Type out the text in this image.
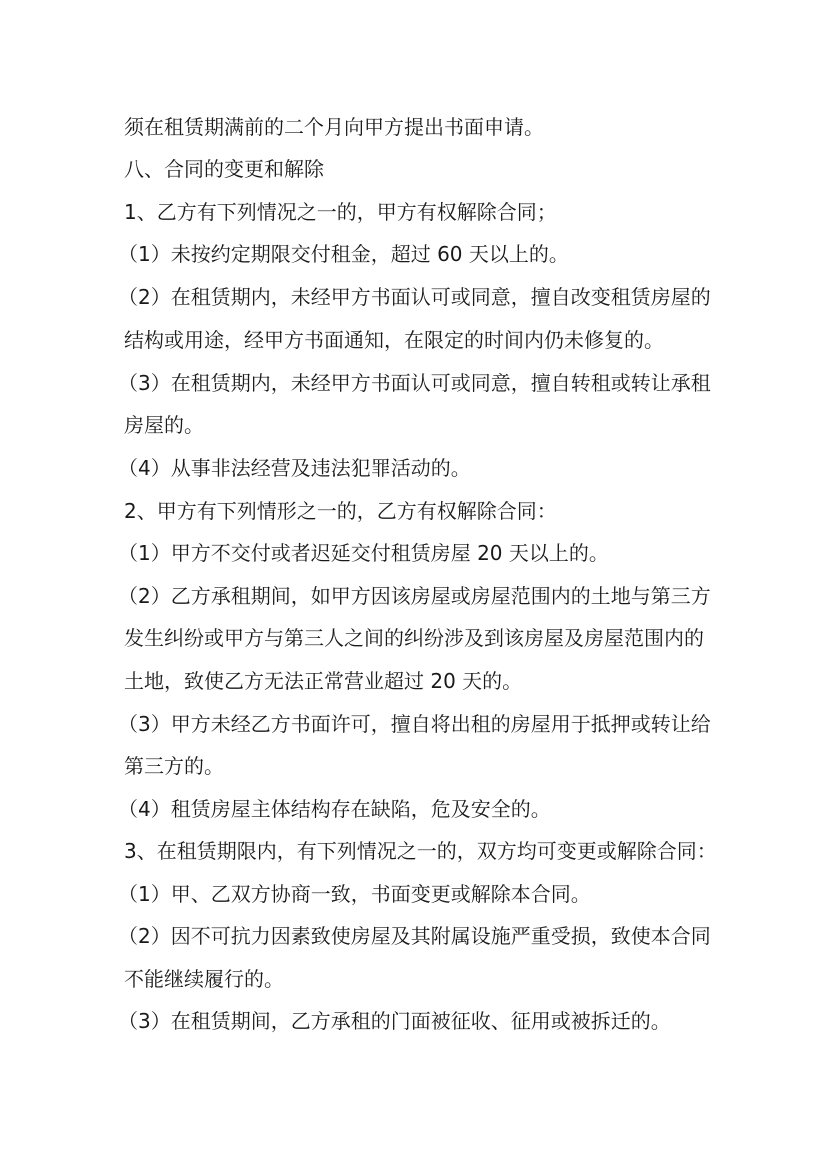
须在租赁期满前的二个月向甲方提出书面申请。
八、合同的变更和解除
1、乙方有下列情况之一的，甲方有权解除合同；
（1）未按约定期限交付租金，超过 60 天以上的。
（2）在租赁期内，未经甲方书面认可或同意，擅自改变租赁房屋的
结构或用途，经甲方书面通知，在限定的时间内仍未修复的。
（3）在租赁期内，未经甲方书面认可或同意，擅自转租或转让承租
房屋的。
（4）从事非法经营及违法犯罪活动的。
2、甲方有下列情形之一的，乙方有权解除合同：
（1）甲方不交付或者迟延交付租赁房屋 20 天以上的。
（2）乙方承租期间，如甲方因该房屋或房屋范围内的土地与第三方
发生纠纷或甲方与第三人之间的纠纷涉及到该房屋及房屋范围内的
土地，致使乙方无法正常营业超过 20 天的。
（3）甲方未经乙方书面许可，擅自将出租的房屋用于抵押或转让给
第三方的。
（4）租赁房屋主体结构存在缺陷，危及安全的。
3、在租赁期限内，有下列情况之一的，双方均可变更或解除合同：
（1）甲、乙双方协商一致，书面变更或解除本合同。
（2）因不可抗力因素致使房屋及其附属设施严重受损，致使本合同
不能继续履行的。
（3）在租赁期间，乙方承租的门面被征收、征用或被拆迁的。
